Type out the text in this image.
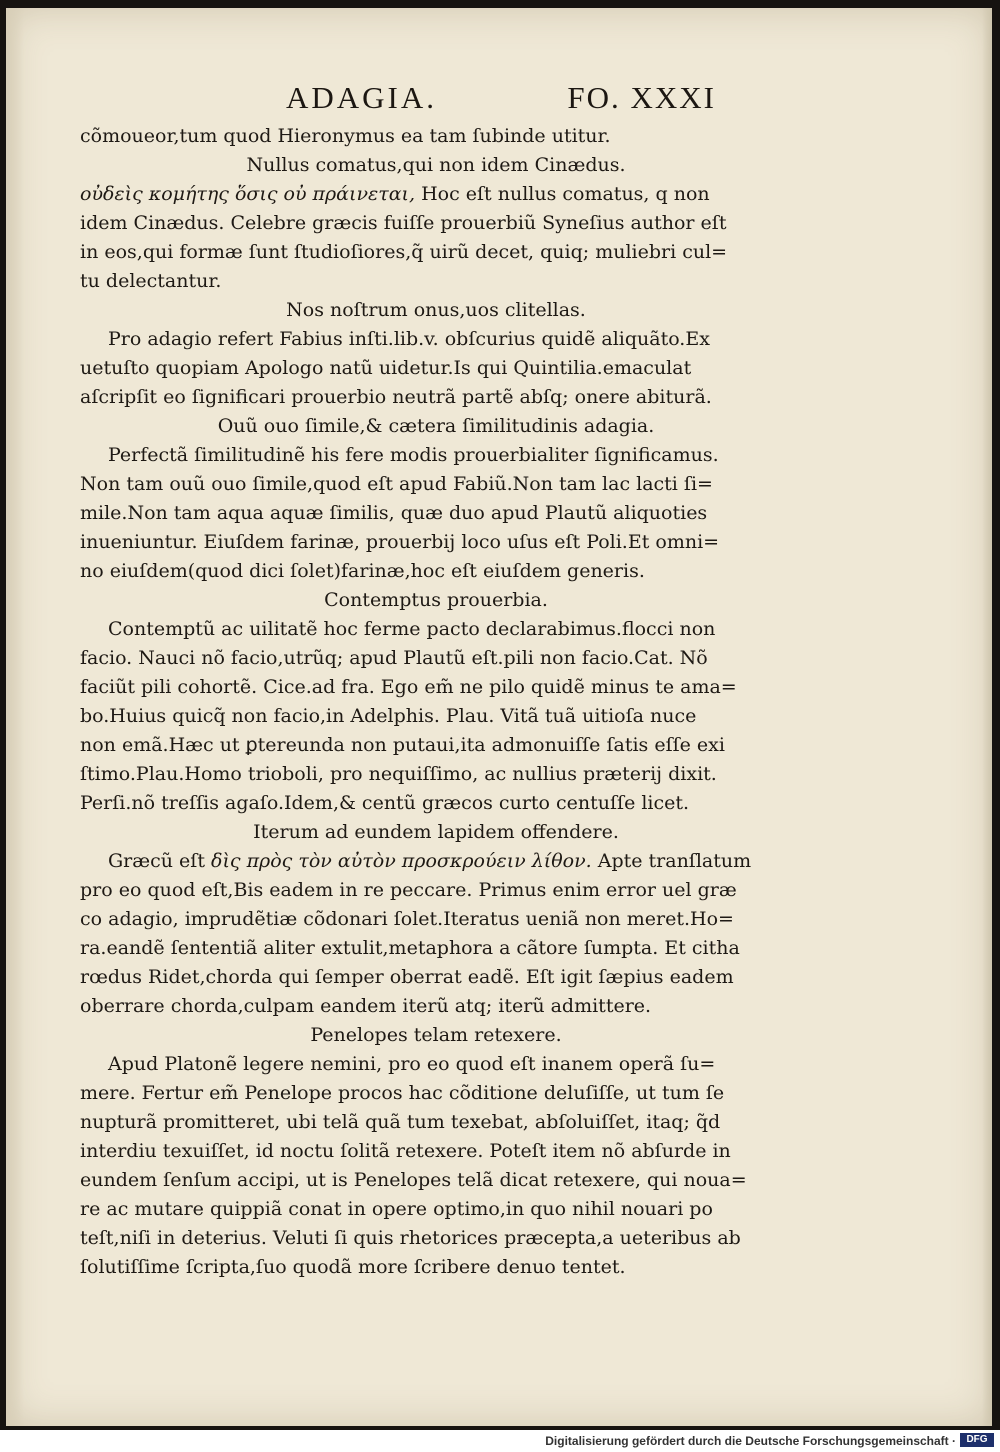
ADAGIA.	FO. XXXI
cõmoueor,tum quod Hieronymus ea tam ſubinde utitur.
Nullus comatus,qui non idem Cinædus.
οὐδεὶς κομήτης ὅσις οὐ πράινεται, Hoc eſt nullus comatus, q non
idem Cinædus. Celebre græcis fuiſſe prouerbiũ Syneſius author eſt
in eos,qui formæ ſunt ſtudioſiores,q̃ uirũ decet, quiq; muliebri cul=
tu delectantur.
Nos noſtrum onus,uos clitellas.
Pro adagio refert Fabius inſti.lib.v. obſcurius quidẽ aliquãto.Ex
uetuſto quopiam Apologo natũ uidetur.Is qui Quintilia.emaculat
aſcripſit eo ſignificari prouerbio neutrã partẽ abſq; onere abiturã.
Ouũ ouo ſimile,& cætera ſimilitudinis adagia.
Perfectã ſimilitudinẽ his fere modis prouerbialiter ſignificamus.
Non tam ouũ ouo ſimile,quod eſt apud Fabiũ.Non tam lac lacti ſi=
mile.Non tam aqua aquæ ſimilis, quæ duo apud Plautũ aliquoties
inueniuntur. Eiuſdem farinæ, prouerbij loco uſus eſt Poli.Et omni=
no eiuſdem(quod dici ſolet)farinæ,hoc eſt eiuſdem generis.
Contemptus prouerbia.
Contemptũ ac uilitatẽ hoc ferme pacto declarabimus.flocci non
facio. Nauci nõ facio,utrũq; apud Plautũ eſt.pili non facio.Cat. Nõ
faciũt pili cohortẽ. Cice.ad fra. Ego em̃ ne pilo quidẽ minus te ama=
bo.Huius quicq̃ non facio,in Adelphis. Plau. Vitã tuã uitioſa nuce
non emã.Hæc ut ꝑtereunda non putaui,ita admonuiſſe ſatis eſſe exi
ſtimo.Plau.Homo trioboli, pro nequiſſimo, ac nullius præterij dixit.
Perſi.nõ treſſis agaſo.Idem,& centũ græcos curto centuſſe licet.
Iterum ad eundem lapidem offendere.
Græcũ eſt δὶς πρὸς τὸν αὐτὸν προσκρούειν λίθον. Apte tranſlatum
pro eo quod eſt,Bis eadem in re peccare. Primus enim error uel græ
co adagio, imprudẽtiæ cõdonari ſolet.Iteratus ueniã non meret.Ho=
ra.eandẽ ſententiã aliter extulit,metaphora a cãtore ſumpta. Et citha
rœdus Ridet,chorda qui ſemper oberrat eadẽ. Eſt igit ſæpius eadem
oberrare chorda,culpam eandem iterũ atq; iterũ admittere.
Penelopes telam retexere.
Apud Platonẽ legere nemini, pro eo quod eſt inanem operã ſu=
mere. Fertur em̃ Penelope procos hac cõditione deluſiſſe, ut tum ſe
nupturã promitteret, ubi telã quã tum texebat, abſoluiſſet, itaq; q̃d
interdiu texuiſſet, id noctu ſolitã retexere. Poteſt item nõ abſurde in
eundem ſenſum accipi, ut is Penelopes telã dicat retexere, qui noua=
re ac mutare quippiã conat in opere optimo,in quo nihil nouari po
teſt,niſi in deterius. Veluti ſi quis rhetorices præcepta,a ueteribus ab
ſolutiſſime ſcripta,ſuo quodã more ſcribere denuo tentet.
Digitalisierung gefördert durch die Deutsche Forschungsgemeinschaft ·	DFG
